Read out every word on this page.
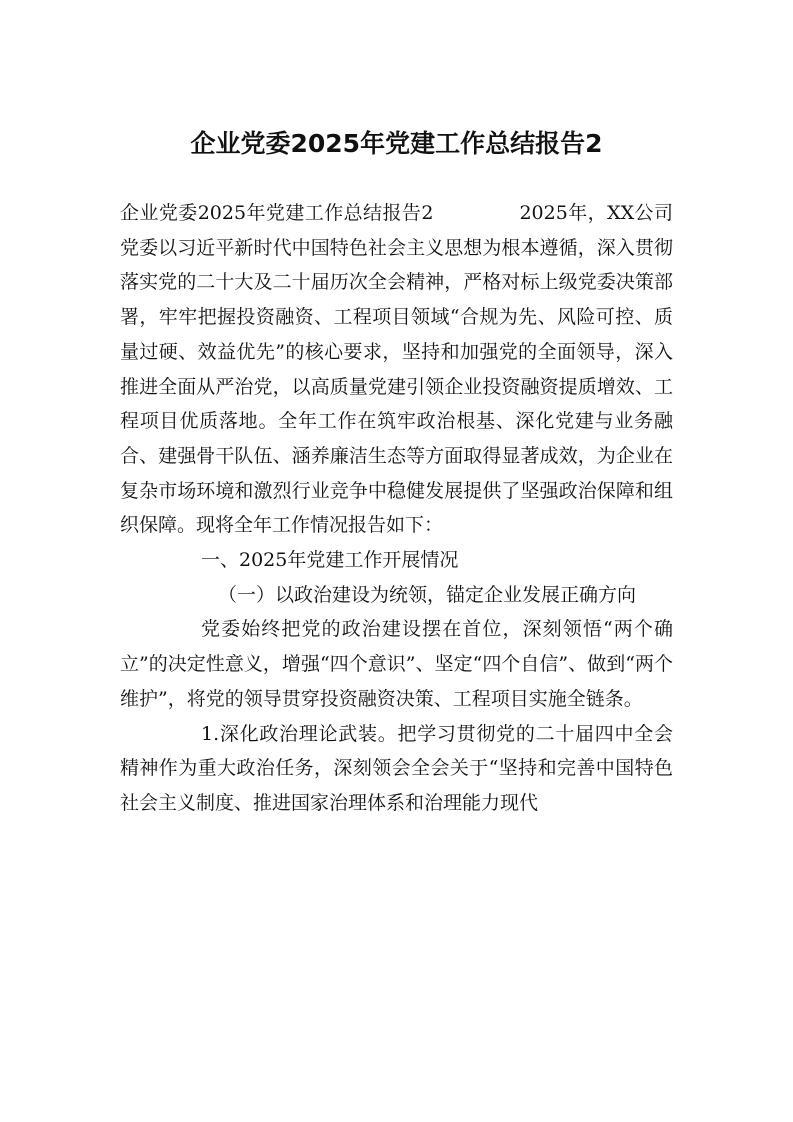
企业党委2025年党建工作总结报告2

企业党委2025年党建工作总结报告2	2025年，XX公司党委以习近平新时代中国特色社会主义思想为根本遵循，深入贯彻落实党的二十大及二十届历次全会精神，严格对标上级党委决策部署，牢牢把握投资融资、工程项目领域“合规为先、风险可控、质量过硬、效益优先”的核心要求，坚持和加强党的全面领导，深入推进全面从严治党，以高质量党建引领企业投资融资提质增效、工程项目优质落地。全年工作在筑牢政治根基、深化党建与业务融合、建强骨干队伍、涵养廉洁生态等方面取得显著成效，为企业在复杂市场环境和激烈行业竞争中稳健发展提供了坚强政治保障和组织保障。现将全年工作情况报告如下：

一、2025年党建工作开展情况

（一）以政治建设为统领，锚定企业发展正确方向

党委始终把党的政治建设摆在首位，深刻领悟“两个确立”的决定性意义，增强“四个意识”、坚定“四个自信”、做到“两个维护”，将党的领导贯穿投资融资决策、工程项目实施全链条。

1.深化政治理论武装。把学习贯彻党的二十届四中全会精神作为重大政治任务，深刻领会全会关于“坚持和完善中国特色社会主义制度、推进国家治理体系和治理能力现代
